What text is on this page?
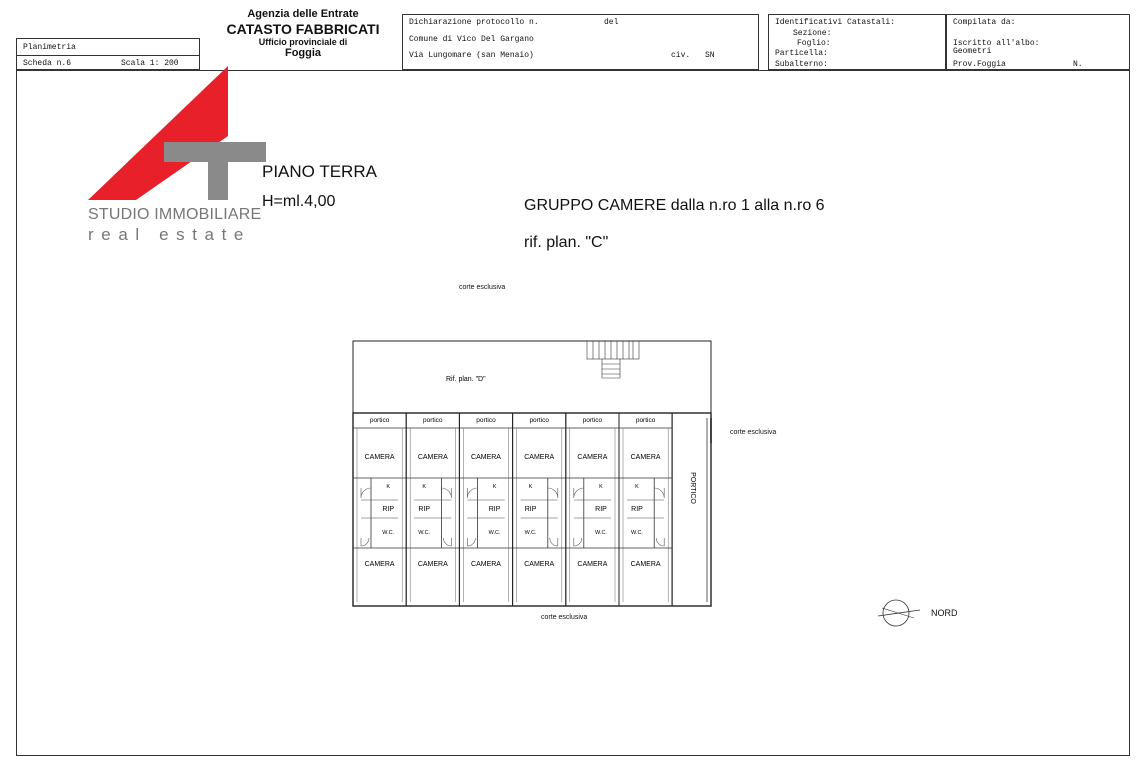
Planimetria
Scheda n.6	Scala 1: 200
Agenzia delle Entrate
CATASTO FABBRICATI
Ufficio provinciale di
Foggia
Dichiarazione protocollo n.	del
Comune di Vico Del Gargano
Via Lungomare (san Menaio)	civ. SN
Identificativi Catastali:
Sezione:
Foglio:
Particella:
Subalterno:
Compilata da:
Iscritto all'albo:
Geometri
Prov.Foggia	N.
STUDIO IMMOBILIARE
real estate
PIANO TERRA
H=ml.4,00	GRUPPO CAMERE dalla n.ro 1 alla n.ro 6
rif. plan. "C"
corte esclusiva
corte esclusiva
corte esclusiva
Rif. plan. "D"
PORTICO
portico
CAMERA
K
RIP
W.C.
CAMERA
portico
CAMERA
K
RIP
W.C.
CAMERA
portico
CAMERA
K
RIP
W.C.
CAMERA
portico
CAMERA
K
RIP
W.C.
CAMERA
portico
CAMERA
K
RIP
W.C.
CAMERA
portico
CAMERA
K
RIP
W.C.
CAMERA
NORD
